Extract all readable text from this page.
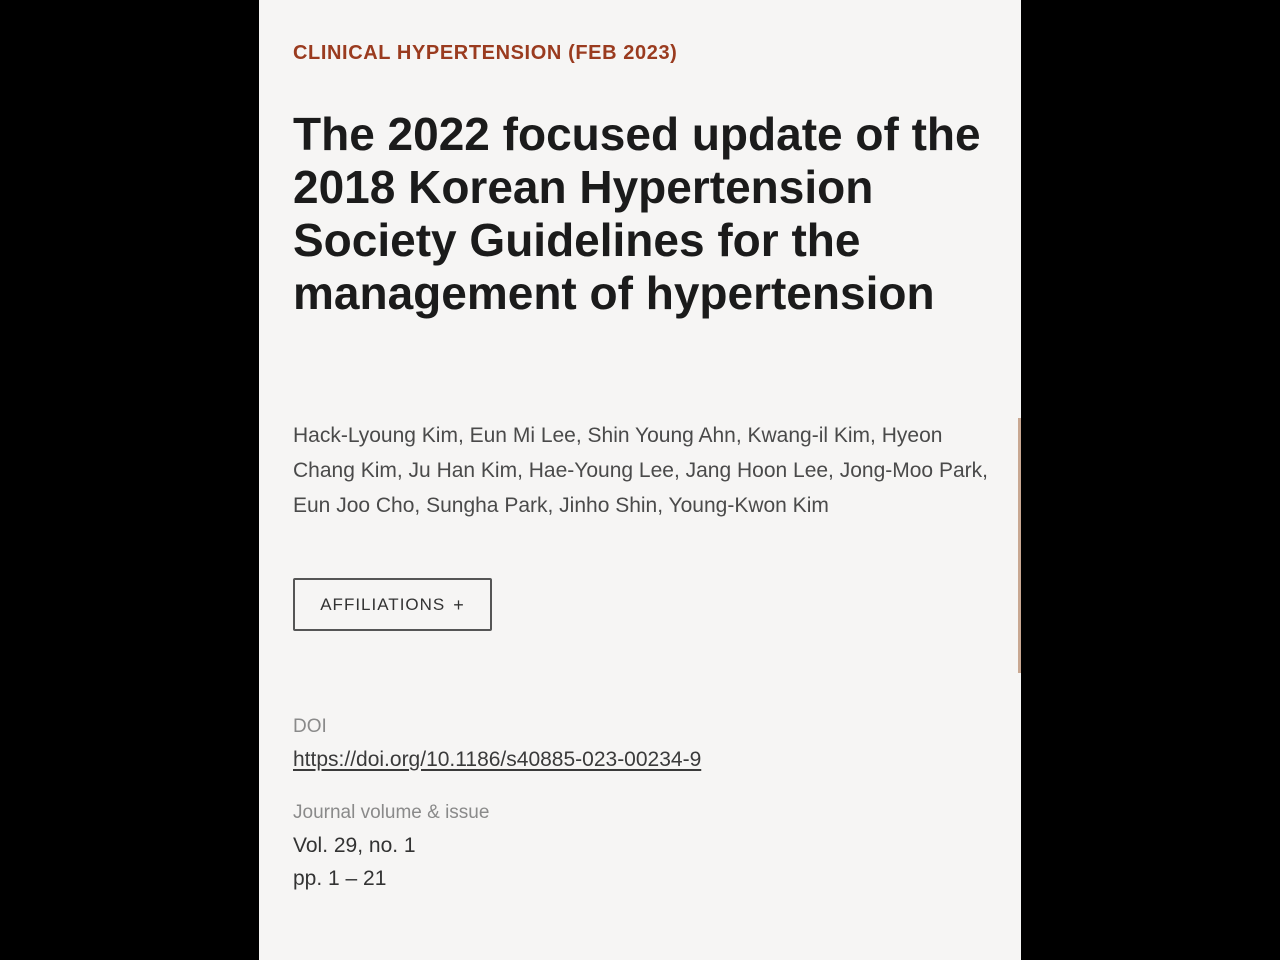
CLINICAL HYPERTENSION (FEB 2023)
The 2022 focused update of the 2018 Korean Hypertension Society Guidelines for the management of hypertension

Hack-Lyoung Kim, Eun Mi Lee, Shin Young Ahn, Kwang-il Kim, Hyeon Chang Kim, Ju Han Kim, Hae-Young Lee, Jang Hoon Lee, Jong-Moo Park, Eun Joo Cho, Sungha Park, Jinho Shin, Young-Kwon Kim

AFFILIATIONS +
DOI
https://doi.org/10.1186/s40885-023-00234-9
Journal volume & issue
Vol. 29, no. 1
pp. 1 – 21
